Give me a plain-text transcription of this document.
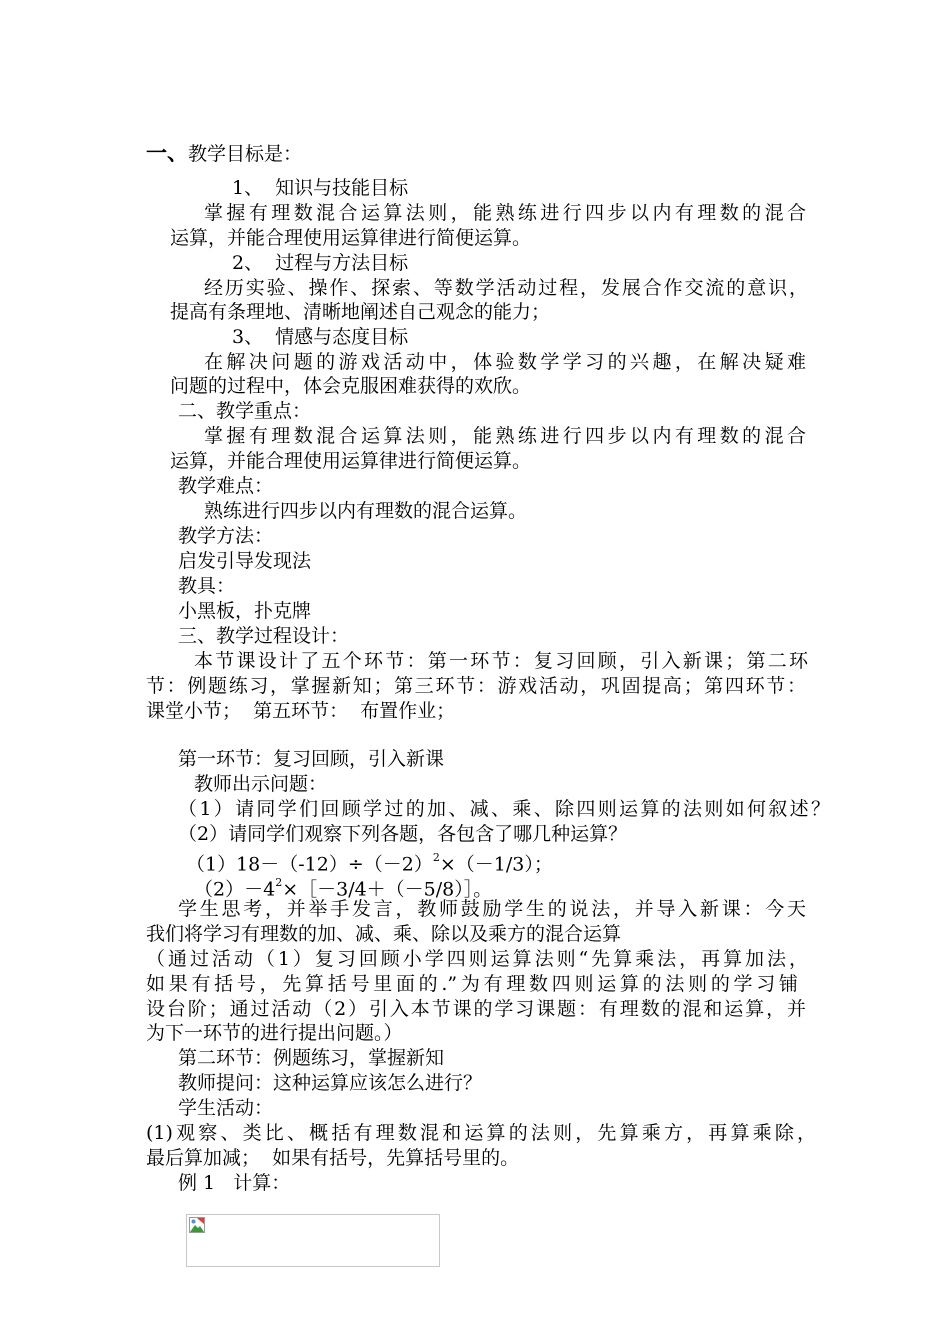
一、教学目标是：
1、  知识与技能目标
掌握有理数混合运算法则，能熟练进行四步以内有理数的混合
运算，并能合理使用运算律进行简便运算。
2、  过程与方法目标
经历实验、操作、探索、等数学活动过程，发展合作交流的意识，
提高有条理地、清晰地阐述自己观念的能力；
3、  情感与态度目标
在解决问题的游戏活动中，体验数学学习的兴趣，在解决疑难
问题的过程中，体会克服困难获得的欢欣。
二、教学重点：
掌握有理数混合运算法则，能熟练进行四步以内有理数的混合
运算，并能合理使用运算律进行简便运算。
教学难点：
熟练进行四步以内有理数的混合运算。
教学方法：
启发引导发现法
教具：
小黑板，扑克牌
三、教学过程设计：
本节课设计了五个环节：第一环节：复习回顾，引入新课；第二环
节：例题练习，掌握新知；第三环节：游戏活动，巩固提高；第四环节：
课堂小节；  第五环节：  布置作业；
第一环节：复习回顾，引入新课
教师出示问题：
（1）请同学们回顾学过的加、减、乘、除四则运算的法则如何叙述？
（2）请同学们观察下列各题，各包含了哪几种运算？
$(1)18-(-12)\div(-2)^2\times(-1/3)$；
$(2)-4^2\times[-3/4+(-5/8)]$。
学生思考，并举手发言，教师鼓励学生的说法，并导入新课：今天
我们将学习有理数的加、减、乘、除以及乘方的混合运算
（通过活动（1）复习回顾小学四则运算法则“先算乘法，再算加法，
如果有括号，先算括号里面的.”为有理数四则运算的法则的学习铺
设台阶；通过活动（2）引入本节课的学习课题：有理数的混和运算，并
为下一环节的进行提出问题。）
第二环节：例题练习，掌握新知
教师提问：这种运算应该怎么进行？
学生活动：
(1)观察、类比、概括有理数混和运算的法则，先算乘方，再算乘除，
最后算加减；  如果有括号，先算括号里的。
例 1   计算：
